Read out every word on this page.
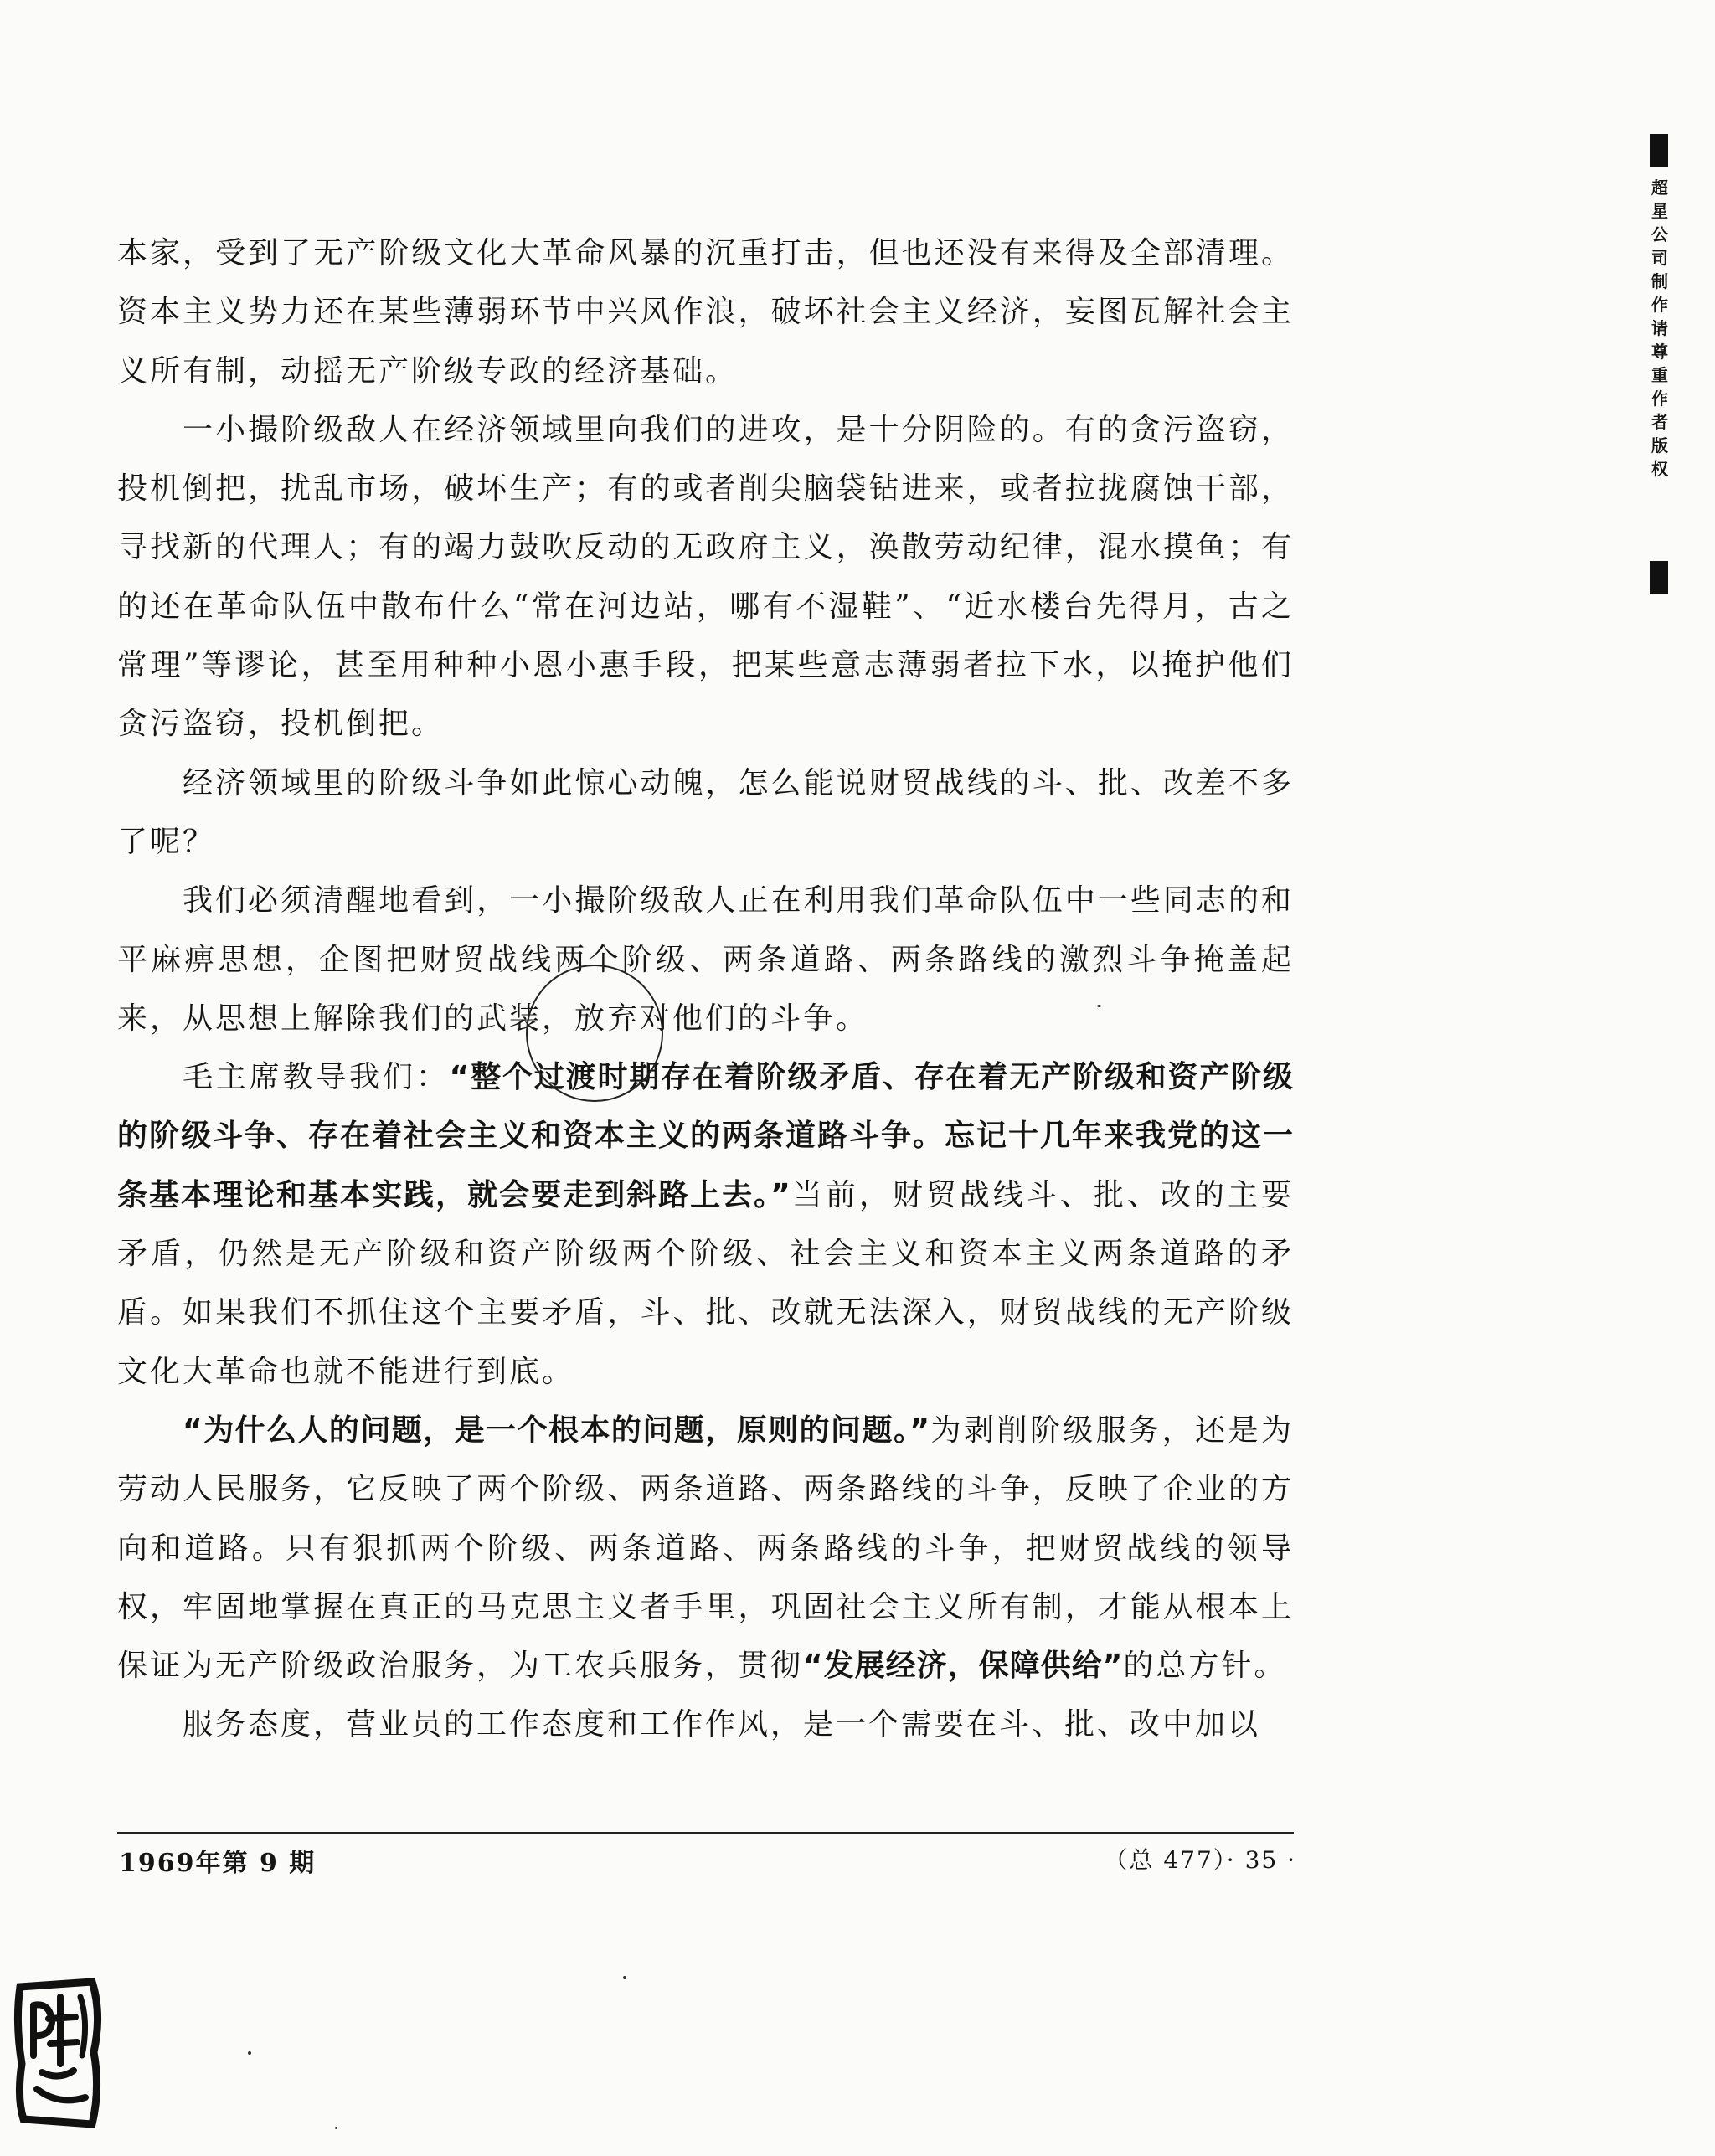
超星公司制作 请尊重作者版权

本家，受到了无产阶级文化大革命风暴的沉重打击，但也还没有来得及全部清理。资本主义势力还在某些薄弱环节中兴风作浪，破坏社会主义经济，妄图瓦解社会主义所有制，动摇无产阶级专政的经济基础。

一小撮阶级敌人在经济领域里向我们的进攻，是十分阴险的。有的贪污盗窃，投机倒把，扰乱市场，破坏生产；有的或者削尖脑袋钻进来，或者拉拢腐蚀干部，寻找新的代理人；有的竭力鼓吹反动的无政府主义，涣散劳动纪律，混水摸鱼；有的还在革命队伍中散布什么“常在河边站，哪有不湿鞋”、“近水楼台先得月，古之常理”等谬论，甚至用种种小恩小惠手段，把某些意志薄弱者拉下水，以掩护他们贪污盗窃，投机倒把。

经济领域里的阶级斗争如此惊心动魄，怎么能说财贸战线的斗、批、改差不多了呢？

我们必须清醒地看到，一小撮阶级敌人正在利用我们革命队伍中一些同志的和平麻痹思想，企图把财贸战线两个阶级、两条道路、两条路线的激烈斗争掩盖起来，从思想上解除我们的武装，放弃对他们的斗争。

毛主席教导我们：“整个过渡时期存在着阶级矛盾、存在着无产阶级和资产阶级的阶级斗争、存在着社会主义和资本主义的两条道路斗争。忘记十几年来我党的这一条基本理论和基本实践，就会要走到斜路上去。”当前，财贸战线斗、批、改的主要矛盾，仍然是无产阶级和资产阶级两个阶级、社会主义和资本主义两条道路的矛盾。如果我们不抓住这个主要矛盾，斗、批、改就无法深入，财贸战线的无产阶级文化大革命也就不能进行到底。

“为什么人的问题，是一个根本的问题，原则的问题。”为剥削阶级服务，还是为劳动人民服务，它反映了两个阶级、两条道路、两条路线的斗争，反映了企业的方向和道路。只有狠抓两个阶级、两条道路、两条路线的斗争，把财贸战线的领导权，牢固地掌握在真正的马克思主义者手里，巩固社会主义所有制，才能从根本上保证为无产阶级政治服务，为工农兵服务，贯彻“发展经济，保障供给”的总方针。

服务态度，营业员的工作态度和工作作风，是一个需要在斗、批、改中加以

1969年第 9 期	（总 477）· 35 ·
